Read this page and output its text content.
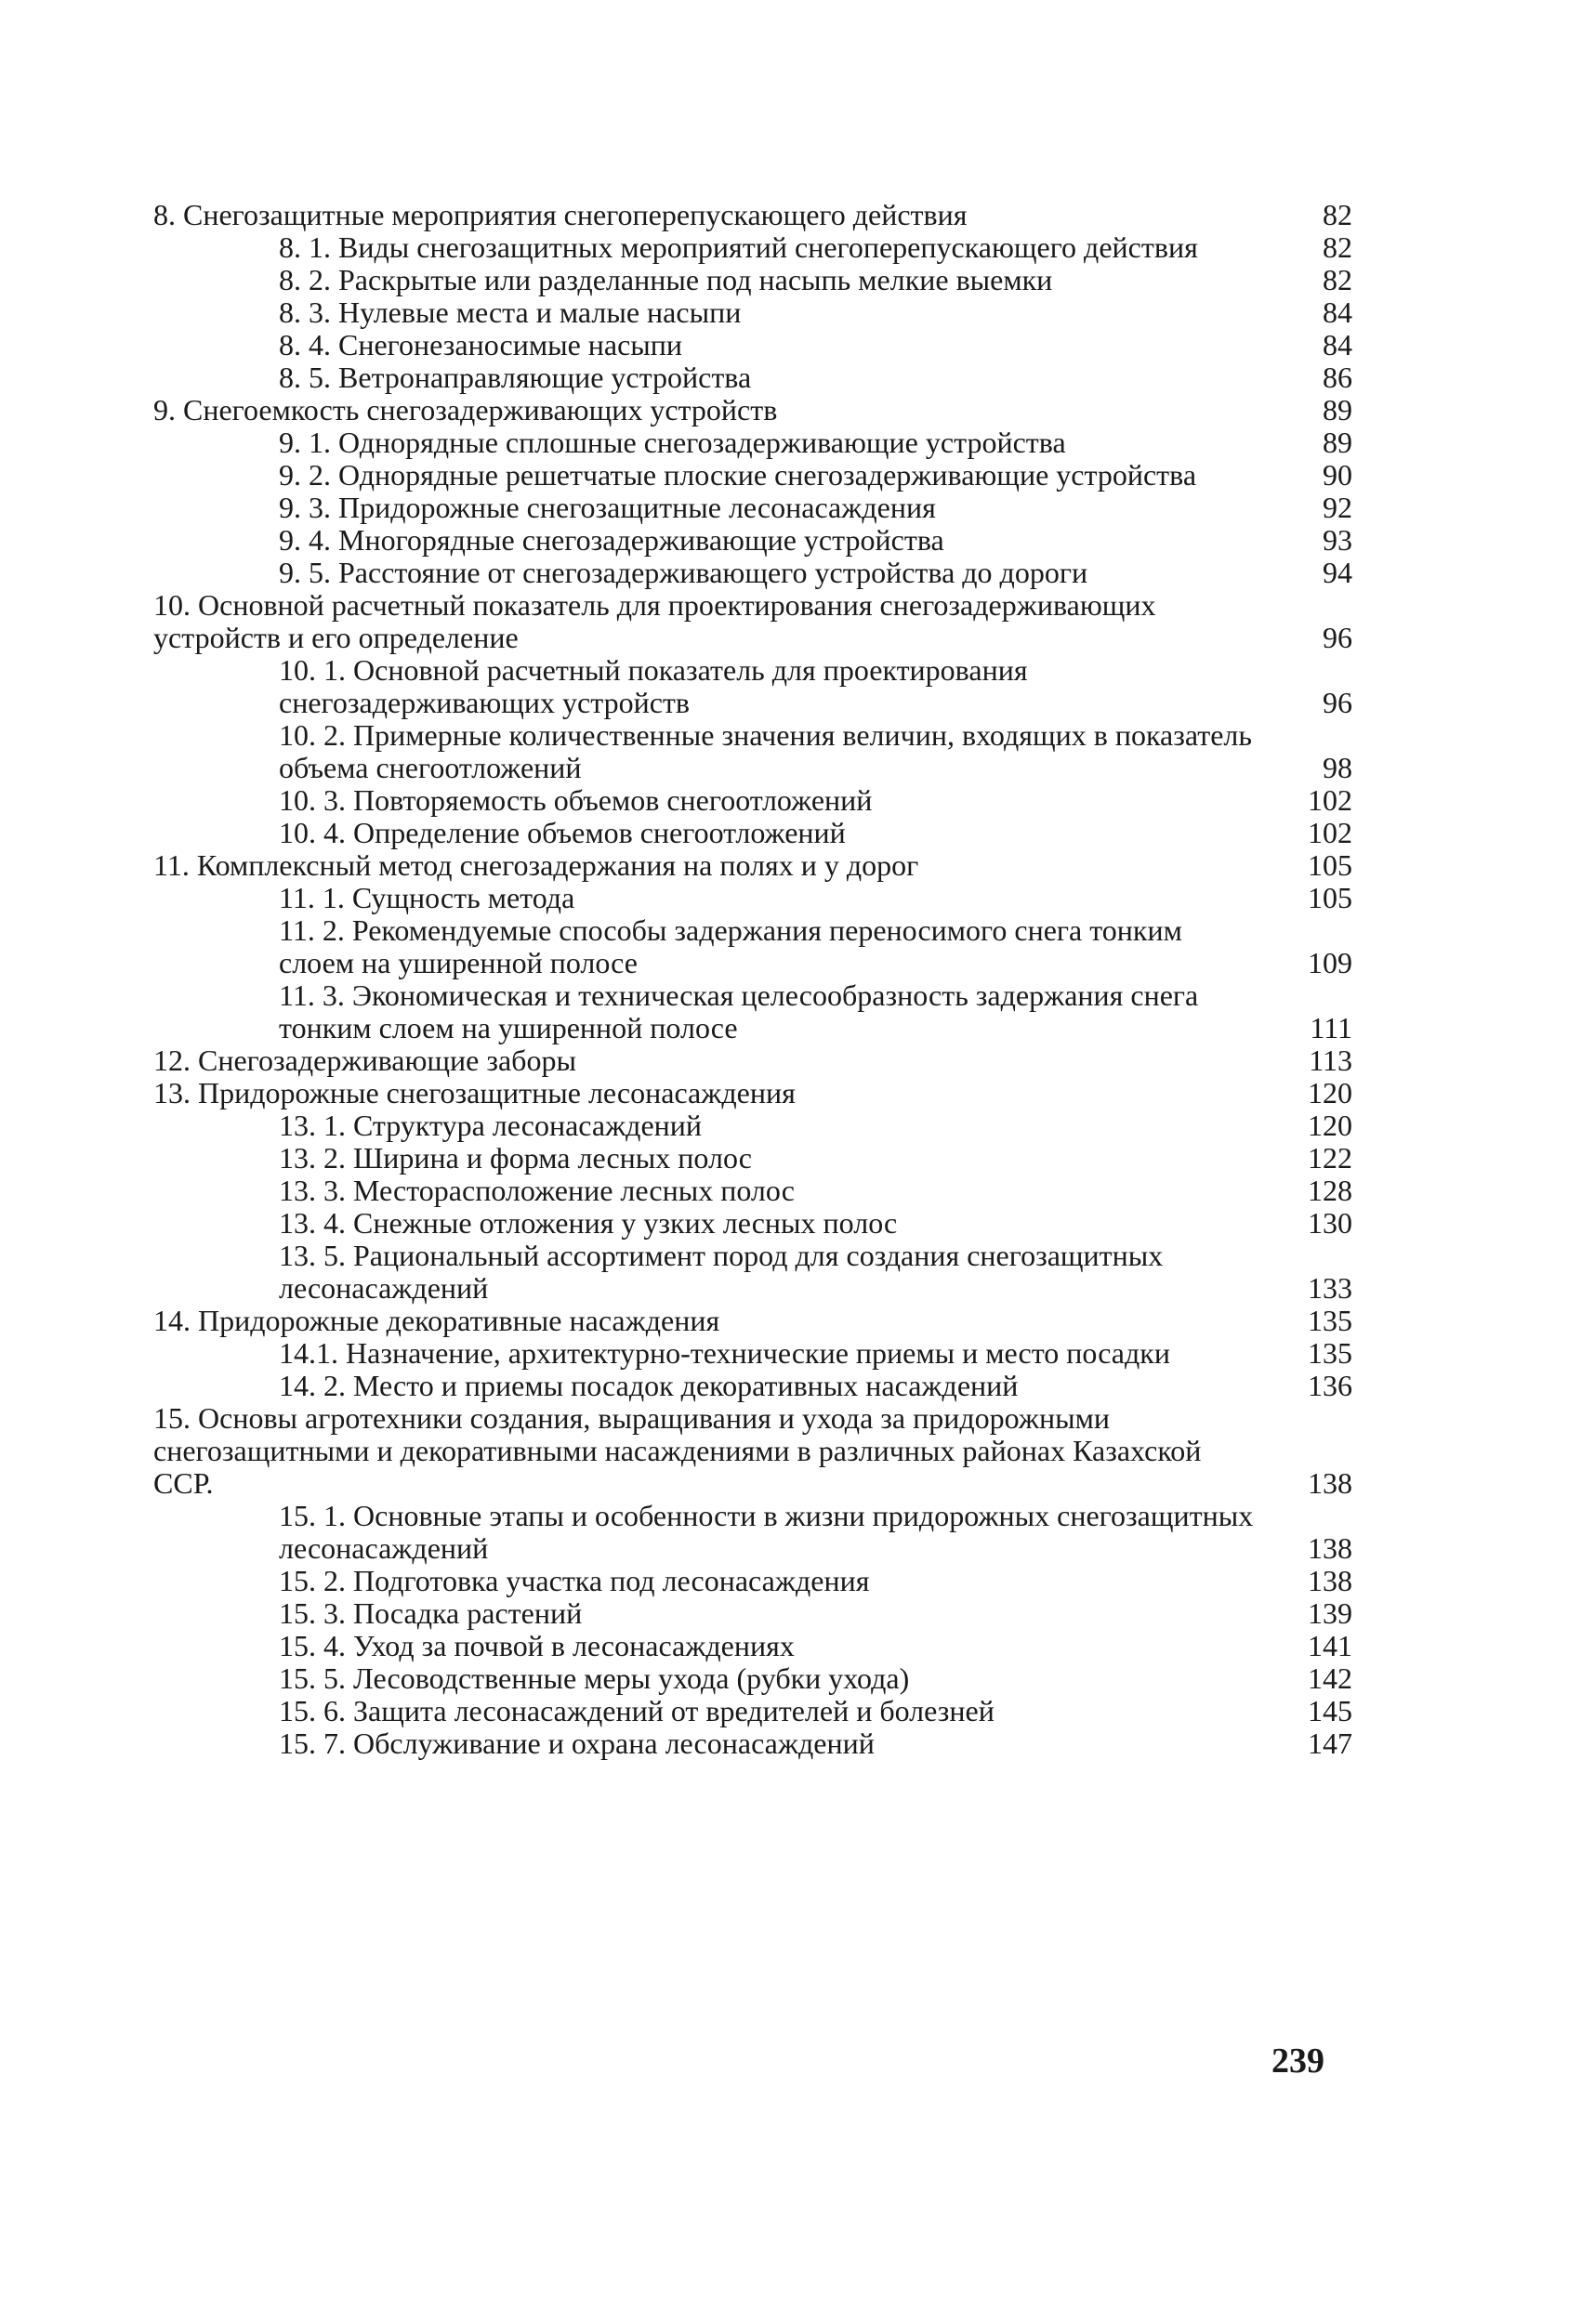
8. Снегозащитные мероприятия снегоперепускающего действия	82
8. 1. Виды снегозащитных мероприятий снегоперепускающего действия	82
8. 2. Раскрытые или разделанные под насыпь мелкие выемки	82
8. 3. Нулевые места и малые насыпи	84
8. 4. Снегонезаносимые насыпи	84
8. 5. Ветронаправляющие устройства	86
9. Снегоемкость снегозадерживающих устройств	89
9. 1. Однорядные сплошные снегозадерживающие устройства	89
9. 2. Однорядные решетчатые плоские снегозадерживающие устройства	90
9. 3. Придорожные снегозащитные лесонасаждения	92
9. 4. Многорядные снегозадерживающие устройства	93
9. 5. Расстояние от снегозадерживающего устройства до дороги	94
10. Основной расчетный показатель для проектирования снегозадерживающих устройств и его определение	96
10. 1. Основной расчетный показатель для проектирования снегозадерживающих устройств	96
10. 2. Примерные количественные значения величин, входящих в показатель объема снегоотложений	98
10. 3. Повторяемость объемов снегоотложений	102
10. 4. Определение объемов снегоотложений	102
11. Комплексный метод снегозадержания на полях и у дорог	105
11. 1. Сущность метода	105
11. 2. Рекомендуемые способы задержания переносимого снега тонким слоем на уширенной полосе	109
11. 3. Экономическая и техническая целесообразность задержания снега тонким слоем на уширенной полосе	111
12. Снегозадерживающие заборы	113
13. Придорожные снегозащитные лесонасаждения	120
13. 1. Структура лесонасаждений	120
13. 2. Ширина и форма лесных полос	122
13. 3. Месторасположение лесных полос	128
13. 4. Снежные отложения у узких лесных полос	130
13. 5. Рациональный ассортимент пород для создания снегозащитных лесонасаждений	133
14. Придорожные декоративные насаждения	135
14.1. Назначение, архитектурно-технические приемы и место посадки	135
14. 2. Место и приемы посадок декоративных насаждений	136
15. Основы агротехники создания, выращивания и ухода за придорожными снегозащитными и декоративными насаждениями в различных районах Казахской ССР.	138
15. 1. Основные этапы и особенности в жизни придорожных снегозащитных лесонасаждений	138
15. 2. Подготовка участка под лесонасаждения	138
15. 3. Посадка растений	139
15. 4. Уход за почвой в лесонасаждениях	141
15. 5. Лесоводственные меры ухода (рубки ухода)	142
15. 6. Защита лесонасаждений от вредителей и болезней	145
15. 7. Обслуживание и охрана лесонасаждений	147
239
